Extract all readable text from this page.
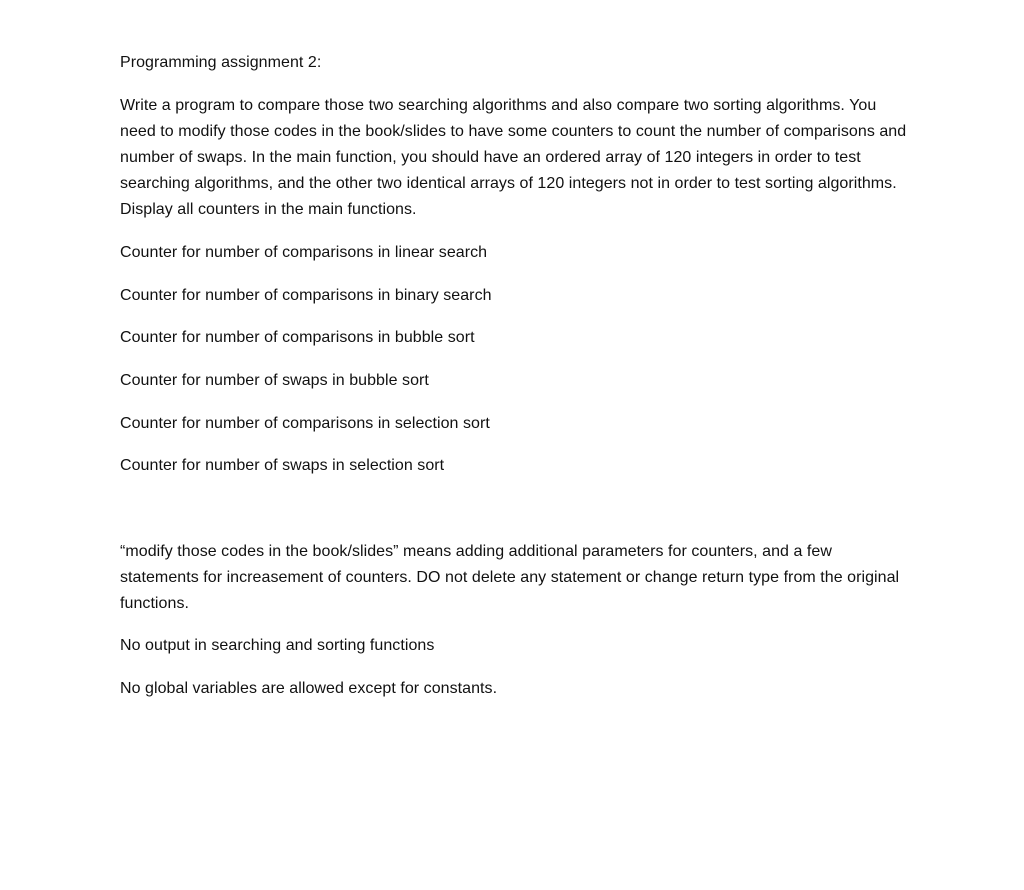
Programming assignment 2:
Write a program to compare those two searching algorithms and also compare two sorting algorithms. You need to modify those codes in the book/slides to have some counters to count the number of comparisons and number of swaps. In the main function, you should have an ordered array of 120 integers in order to test searching algorithms, and the other two identical arrays of 120 integers not in order to test sorting algorithms. Display all counters in the main functions.
Counter for number of comparisons in linear search
Counter for number of comparisons in binary search
Counter for number of comparisons in bubble sort
Counter for number of swaps in bubble sort
Counter for number of comparisons in selection sort
Counter for number of swaps in selection sort
“modify those codes in the book/slides” means adding additional parameters for counters, and a few statements for increasement of counters. DO not delete any statement or change return type from the original functions.
No output in searching and sorting functions
No global variables are allowed except for constants.
